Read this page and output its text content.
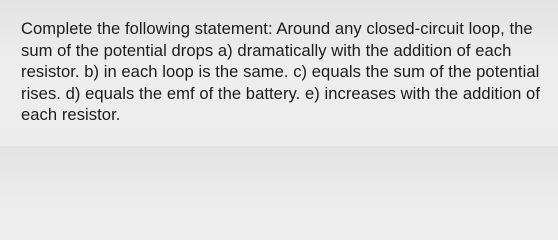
Complete the following statement: Around any closed-circuit loop, the sum of the potential drops a) dramatically with the addition of each resistor. b) in each loop is the same. c) equals the sum of the potential rises. d) equals the emf of the battery. e) increases with the addition of each resistor.
